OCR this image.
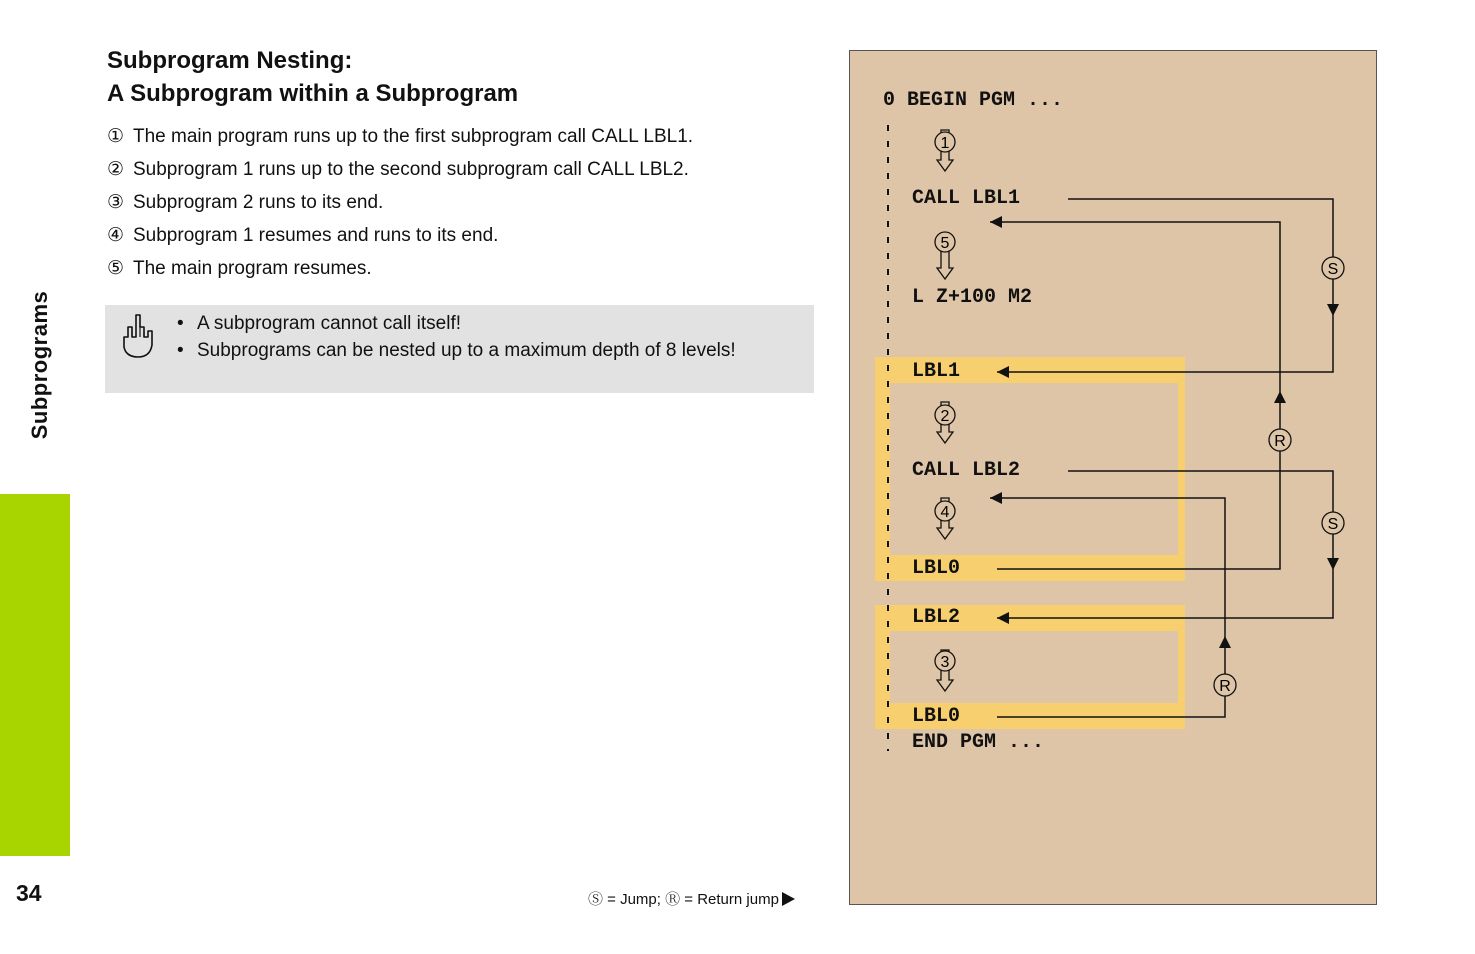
Subprograms
34
Subprogram Nesting:
A Subprogram within a Subprogram
① The main program runs up to the first subprogram call CALL LBL1.
② Subprogram 1 runs up to the second subprogram call CALL LBL2.
③ Subprogram 2 runs to its end.
④ Subprogram 1 resumes and runs to its end.
⑤ The main program resumes.
• A subprogram cannot call itself!
• Subprograms can be nested up to a maximum depth of 8 levels!
Ⓢ = Jump; Ⓡ = Return jump
1
5
2
4
3
S
S
R
R
0 BEGIN PGM ...
CALL LBL1
L Z+100 M2
LBL1
CALL LBL2
LBL0
LBL2
LBL0
END PGM ...
